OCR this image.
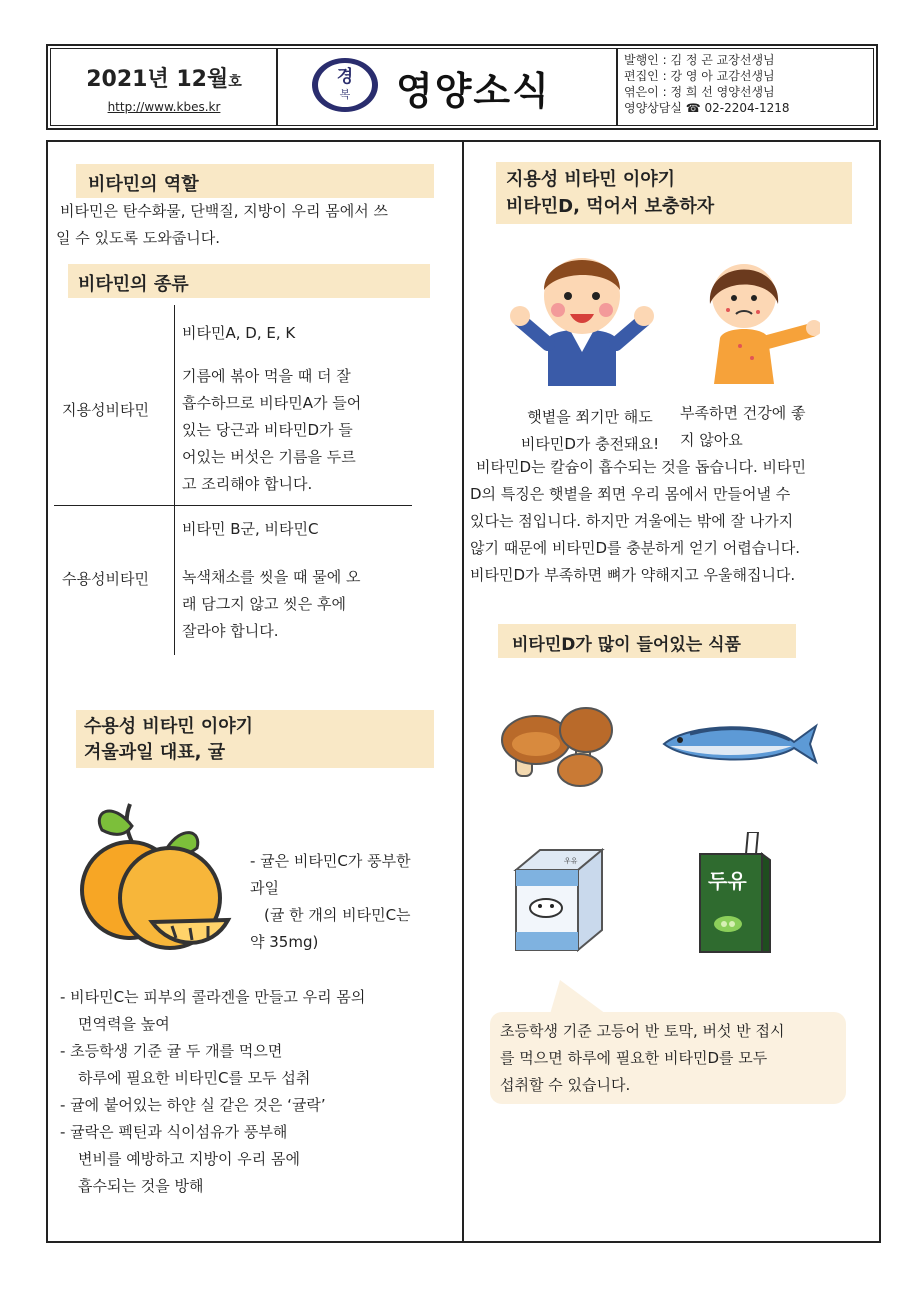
2021년 12월호
http://www.kbes.kr
경
복	영양소식
발행인 : 김 정 곤 교장선생님
편집인 : 강 영 아 교감선생님
엮은이 : 정 희 선 영양선생님
영양상담실 ☎ 02-2204-1218
비타민의 역할
비타민은 탄수화물, 단백질, 지방이 우리 몸에서 쓰
일 수 있도록 도와줍니다.
비타민의 종류
지용성비타민
비타민A, D, E, K
기름에 볶아 먹을 때 더 잘
흡수하므로 비타민A가 들어
있는 당근과 비타민D가 들
어있는 버섯은 기름을 두르
고 조리해야 합니다.
수용성비타민
비타민 B군, 비타민C
녹색채소를 씻을 때 물에 오
래 담그지 않고 씻은 후에
잘라야 합니다.
수용성 비타민 이야기
겨울과일 대표, 귤
- 귤은 비타민C가 풍부한
과일
(귤 한 개의 비타민C는
약 35mg)
- 비타민C는 피부의 콜라겐을 만들고 우리 몸의
면역력을 높여
- 초등학생 기준 귤 두 개를 먹으면
하루에 필요한 비타민C를 모두 섭취
- 귤에 붙어있는 하얀 실 같은 것은 ‘귤락’
- 귤락은 펙틴과 식이섬유가 풍부해
변비를 예방하고 지방이 우리 몸에
흡수되는 것을 방해
지용성 비타민 이야기
비타민D, 먹어서 보충하자
햇볕을 쬐기만 해도
비타민D가 충전돼요!
부족하면 건강에 좋
지 않아요
비타민D는 칼슘이 흡수되는 것을 돕습니다. 비타민
D의 특징은 햇볕을 쬐면 우리 몸에서 만들어낼 수
있다는 점입니다. 하지만 겨울에는 밖에 잘 나가지
않기 때문에 비타민D를 충분하게 얻기 어렵습니다.
비타민D가 부족하면 뼈가 약해지고 우울해집니다.
비타민D가 많이 들어있는 식품
우유
두유
초등학생 기준 고등어 반 토막, 버섯 반 접시
를 먹으면 하루에 필요한 비타민D를 모두
섭취할 수 있습니다.
